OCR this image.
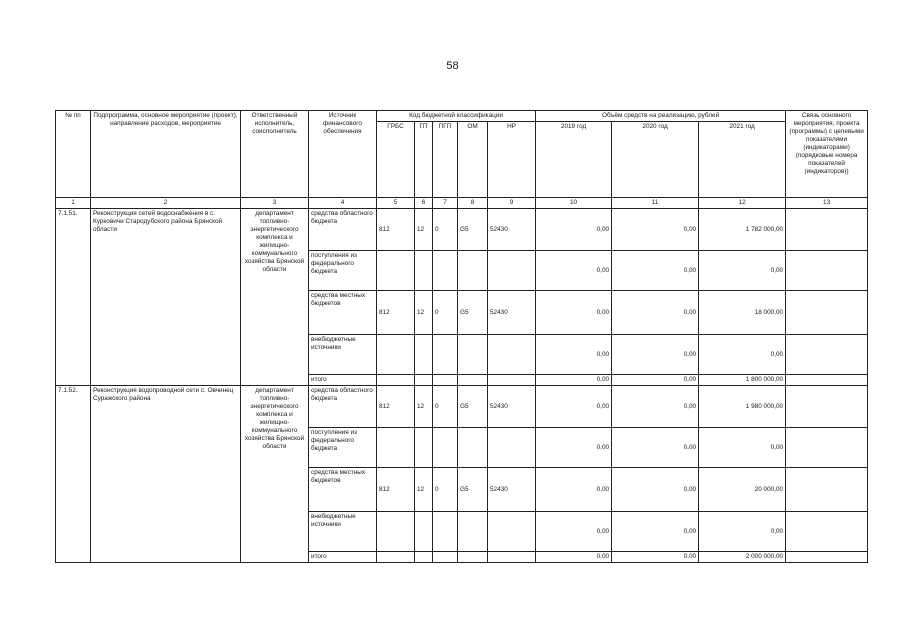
58
№ пп	Подпрограмма, основное мероприятие (проект), направление расходов, мероприятие	Ответственный исполнитель, соисполнитель	Источник финансового обеспечения	Код бюджетной классификации					Объём средств на реализацию, рублей			Связь основного мероприятия, проекта (программы) с целевыми показателями (индикаторами) (порядковые номера показателей (индикаторов))
				ГРБС	ГП	ПГП	ОМ	НР	2019 год	2020 год	2021 год	
1	2	3	4	5	6	7	8	9	10	11	12	13
7.1.51.	Реконструкция сетей водоснабжения в с. Курковичи Стародубского района Брянской области	департамент топливно-энергетического комплекса и жилищно-коммунального хозяйства Брянской области	средства областного бюджета	812	12	0	G5	52430	0,00	0,00	1 782 000,00	
			поступления из федерального бюджета						0,00	0,00	0,00	
			средства местных бюджетов	812	12	0	G5	52430	0,00	0,00	18 000,00	
			внебюджетные источники						0,00	0,00	0,00	
			итого						0,00	0,00	1 800 000,00	
7.1.52.	Реконструкция водопроводной сети с. Овчинец Суражского района	департамент топливно-энергетического комплекса и жилищно-коммунального хозяйства Брянской области	средства областного бюджета	812	12	0	G5	52430	0,00	0,00	1 980 000,00	
			поступления из федерального бюджета						0,00	0,00	0,00	
			средства местных бюджетов	812	12	0	G5	52430	0,00	0,00	20 000,00	
			внебюджетные источники						0,00	0,00	0,00	
			итого						0,00	0,00	2 000 000,00	
